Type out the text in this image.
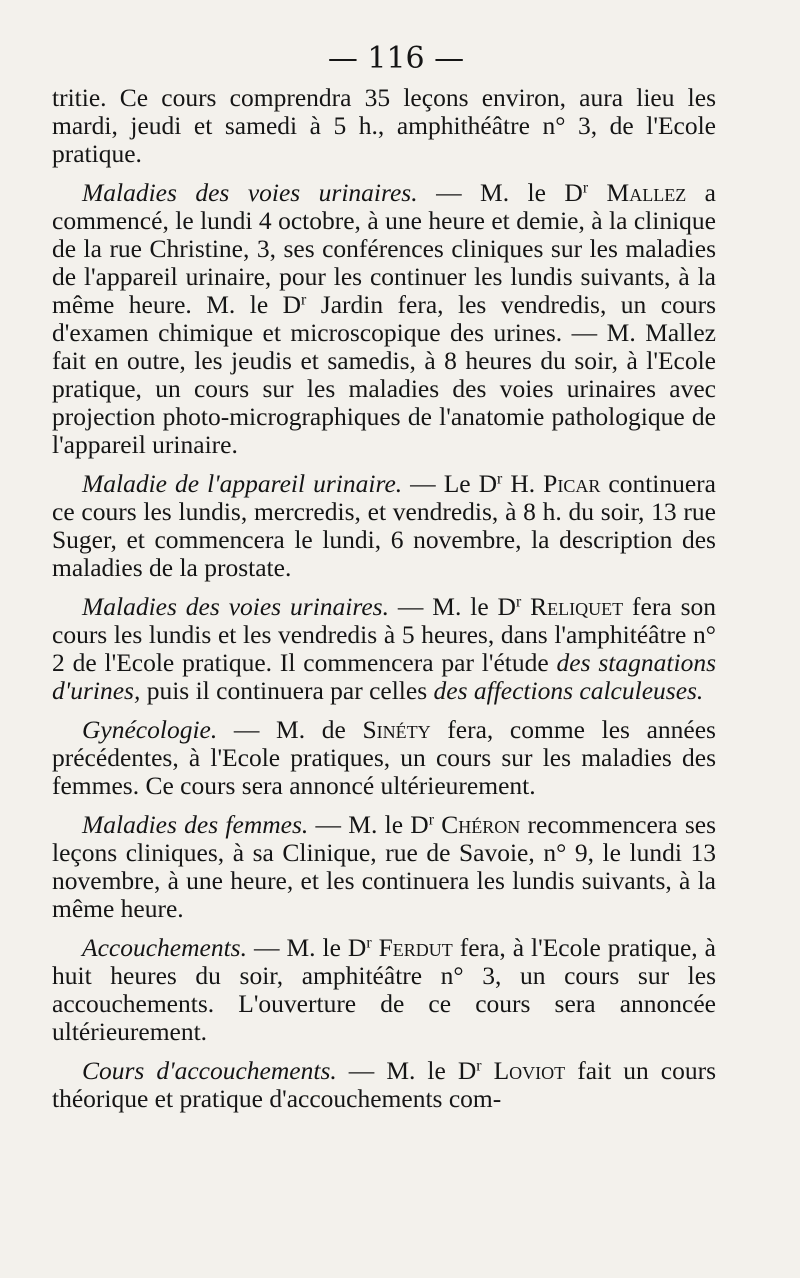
— 116 —

tritie. Ce cours comprendra 35 leçons environ, aura lieu les mardi, jeudi et samedi à 5 h., amphithéâtre n° 3, de l'Ecole pratique.

Maladies des voies urinaires. — M. le $D^r$ Mallez a commencé, le lundi 4 octobre, à une heure et demie, à la clinique de la rue Christine, 3, ses conférences cliniques sur les maladies de l'appareil urinaire, pour les continuer les lundis suivants, à la même heure. M. le $D^r$ Jardin fera, les vendredis, un cours d'examen chimique et microscopique des urines. — M. Mallez fait en outre, les jeudis et samedis, à 8 heures du soir, à l'Ecole pratique, un cours sur les maladies des voies urinaires avec projection photo-micrographiques de l'anatomie pathologique de l'appareil urinaire.

Maladie de l'appareil urinaire. — Le $D^r$ H. Picar continuera ce cours les lundis, mercredis, et vendredis, à 8 h. du soir, 13 rue Suger, et commencera le lundi, 6 novembre, la description des maladies de la prostate.

Maladies des voies urinaires. — M. le $D^r$ Reliquet fera son cours les lundis et les vendredis à 5 heures, dans l'amphitéâtre n° 2 de l'Ecole pratique. Il commencera par l'étude des stagnations d'urines, puis il continuera par celles des affections calculeuses.

Gynécologie. — M. de Sinéty fera, comme les années précédentes, à l'Ecole pratiques, un cours sur les maladies des femmes. Ce cours sera annoncé ultérieurement.

Maladies des femmes. — M. le $D^r$ Chéron recommencera ses leçons cliniques, à sa Clinique, rue de Savoie, n° 9, le lundi 13 novembre, à une heure, et les continuera les lundis suivants, à la même heure.

Accouchements. — M. le $D^r$ Ferdut fera, à l'Ecole pratique, à huit heures du soir, amphitéâtre n° 3, un cours sur les accouchements. L'ouverture de ce cours sera annoncée ultérieurement.

Cours d'accouchements. — M. le $D^r$ Loviot fait un cours théorique et pratique d'accouchements com-
